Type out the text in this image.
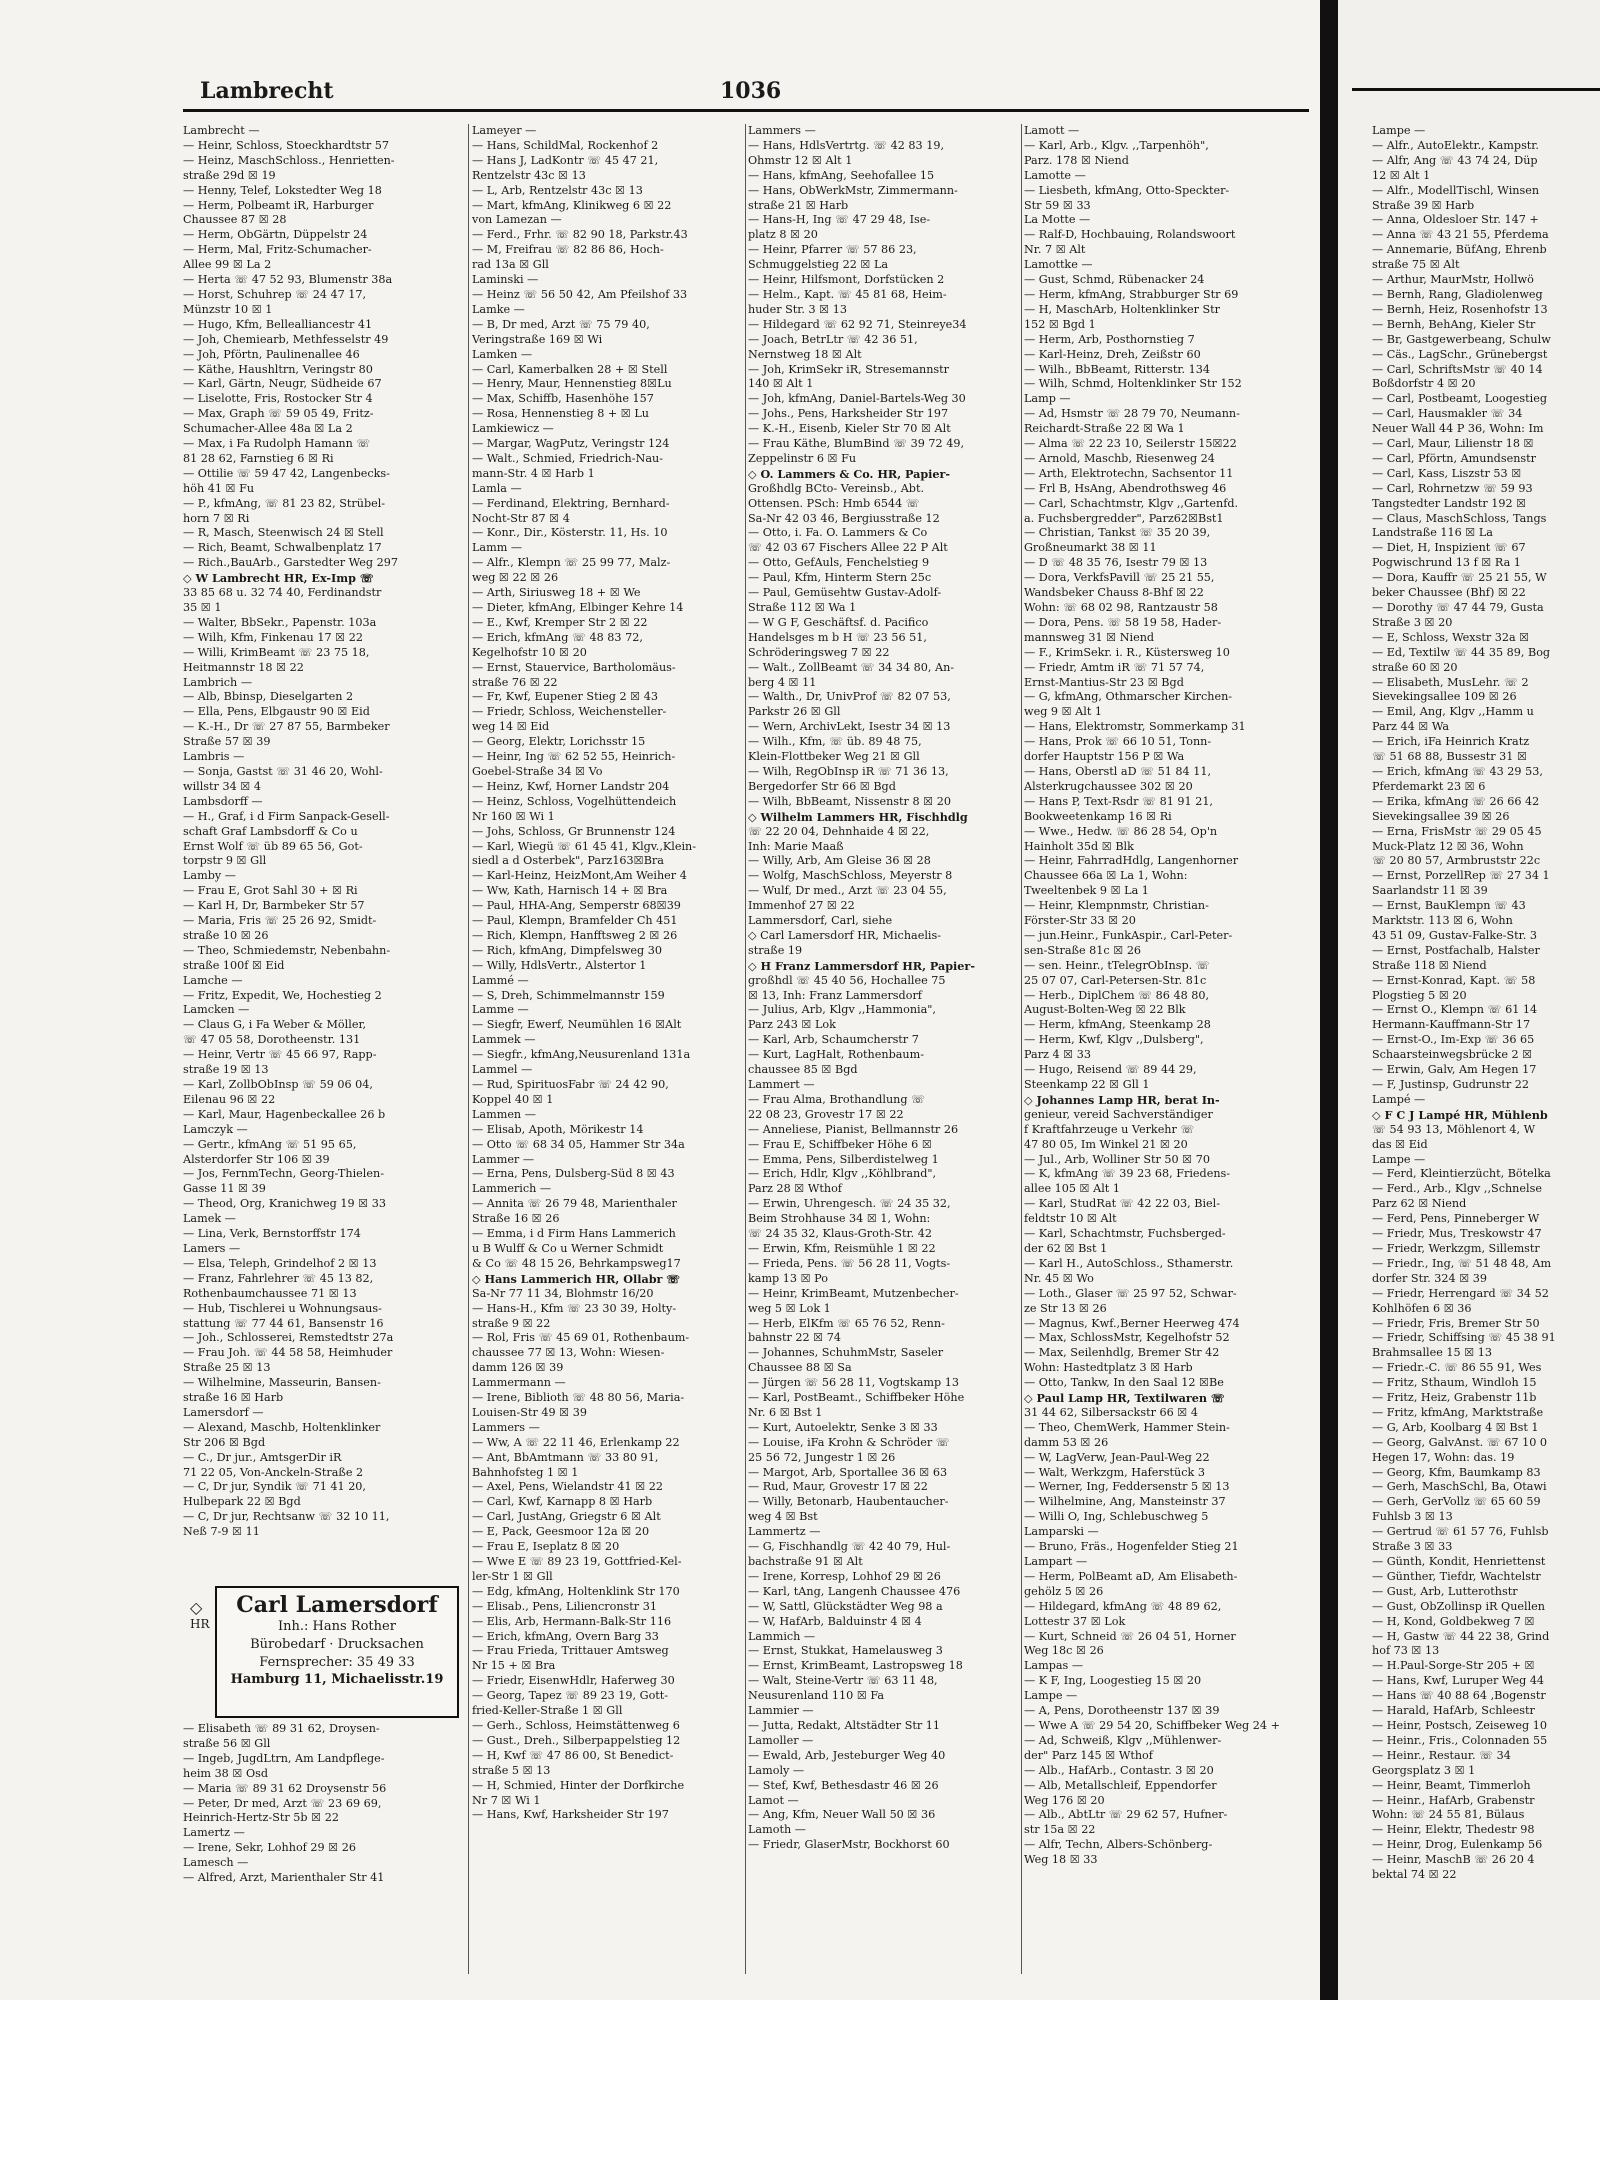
Lambrecht	1036
Lambrecht —
— Heinr, Schloss, Stoeckhardtstr 57
— Heinz, MaschSchloss., Henrietten-
straße 29d ☒ 19
— Henny, Telef, Lokstedter Weg 18
— Herm, Polbeamt iR, Harburger
Chaussee 87 ☒ 28
— Herm, ObGärtn, Düppelstr 24
— Herm, Mal, Fritz-Schumacher-
Allee 99 ☒ La 2
— Herta ☏ 47 52 93, Blumenstr 38a
— Horst, Schuhrep ☏ 24 47 17,
Münzstr 10 ☒ 1
— Hugo, Kfm, Bellealliancestr 41
— Joh, Chemiearb, Methfesselstr 49
— Joh, Pförtn, Paulinenallee 46
— Käthe, Haushltrn, Veringstr 80
— Karl, Gärtn, Neugr, Südheide 67
— Liselotte, Fris, Rostocker Str 4
— Max, Graph ☏ 59 05 49, Fritz-
Schumacher-Allee 48a ☒ La 2
— Max, i Fa Rudolph Hamann ☏
81 28 62, Farnstieg 6 ☒ Ri
— Ottilie ☏ 59 47 42, Langenbecks-
höh 41 ☒ Fu
— P., kfmAng, ☏ 81 23 82, Strübel-
horn 7 ☒ Ri
— R, Masch, Steenwisch 24 ☒ Stell
— Rich, Beamt, Schwalbenplatz 17
— Rich.,BauArb., Garstedter Weg 297
◇ W Lambrecht HR, Ex-Imp ☏
33 85 68 u. 32 74 40, Ferdinandstr
35 ☒ 1
— Walter, BbSekr., Papenstr. 103a
— Wilh, Kfm, Finkenau 17 ☒ 22
— Willi, KrimBeamt ☏ 23 75 18,
Heitmannstr 18 ☒ 22
Lambrich —
— Alb, Bbinsp, Dieselgarten 2
— Ella, Pens, Elbgaustr 90 ☒ Eid
— K.-H., Dr ☏ 27 87 55, Barmbeker
Straße 57 ☒ 39
Lambris —
— Sonja, Gastst ☏ 31 46 20, Wohl-
willstr 34 ☒ 4
Lambsdorff —
— H., Graf, i d Firm Sanpack-Gesell-
schaft Graf Lambsdorff & Co u
Ernst Wolf ☏ üb 89 65 56, Got-
torpstr 9 ☒ Gll
Lamby —
— Frau E, Grot Sahl 30 + ☒ Ri
— Karl H, Dr, Barmbeker Str 57
— Maria, Fris ☏ 25 26 92, Smidt-
straße 10 ☒ 26
— Theo, Schmiedemstr, Nebenbahn-
straße 100f ☒ Eid
Lamche —
— Fritz, Expedit, We, Hochestieg 2
Lamcken —
— Claus G, i Fa Weber & Möller,
☏ 47 05 58, Dorotheenstr. 131
— Heinr, Vertr ☏ 45 66 97, Rapp-
straße 19 ☒ 13
— Karl, ZollbObInsp ☏ 59 06 04,
Eilenau 96 ☒ 22
— Karl, Maur, Hagenbeckallee 26 b
Lamczyk —
— Gertr., kfmAng ☏ 51 95 65,
Alsterdorfer Str 106 ☒ 39
— Jos, FernmTechn, Georg-Thielen-
Gasse 11 ☒ 39
— Theod, Org, Kranichweg 19 ☒ 33
Lamek —
— Lina, Verk, Bernstorffstr 174
Lamers —
— Elsa, Teleph, Grindelhof 2 ☒ 13
— Franz, Fahrlehrer ☏ 45 13 82,
Rothenbaumchaussee 71 ☒ 13
— Hub, Tischlerei u Wohnungsaus-
stattung ☏ 77 44 61, Bansenstr 16
— Joh., Schlosserei, Remstedtstr 27a
— Frau Joh. ☏ 44 58 58, Heimhuder
Straße 25 ☒ 13
— Wilhelmine, Masseurin, Bansen-
straße 16 ☒ Harb
Lamersdorf —
— Alexand, Maschb, Holtenklinker
Str 206 ☒ Bgd
— C., Dr jur., AmtsgerDir iR
71 22 05, Von-Anckeln-Straße 2
— C, Dr jur, Syndik ☏ 71 41 20,
Hulbepark 22 ☒ Bgd
— C, Dr jur, Rechtsanw ☏ 32 10 11,
Neß 7-9 ☒ 11
— Elisabeth ☏ 89 31 62, Droysen-
straße 56 ☒ Gll
— Ingeb, JugdLtrn, Am Landpflege-
heim 38 ☒ Osd
— Maria ☏ 89 31 62 Droysenstr 56
— Peter, Dr med, Arzt ☏ 23 69 69,
Heinrich-Hertz-Str 5b ☒ 22
Lamertz —
— Irene, Sekr, Lohhof 29 ☒ 26
Lamesch —
— Alfred, Arzt, Marienthaler Str 41
Lameyer —
— Hans, SchildMal, Rockenhof 2
— Hans J, LadKontr ☏ 45 47 21,
Rentzelstr 43c ☒ 13
— L, Arb, Rentzelstr 43c ☒ 13
— Mart, kfmAng, Klinikweg 6 ☒ 22
von Lamezan —
— Ferd., Frhr. ☏ 82 90 18, Parkstr.43
— M, Freifrau ☏ 82 86 86, Hoch-
rad 13a ☒ Gll
Laminski —
— Heinz ☏ 56 50 42, Am Pfeilshof 33
Lamke —
— B, Dr med, Arzt ☏ 75 79 40,
Veringstraße 169 ☒ Wi
Lamken —
— Carl, Kamerbalken 28 + ☒ Stell
— Henry, Maur, Hennenstieg 8☒Lu
— Max, Schiffb, Hasenhöhe 157
— Rosa, Hennenstieg 8 + ☒ Lu
Lamkiewicz —
— Margar, WagPutz, Veringstr 124
— Walt., Schmied, Friedrich-Nau-
mann-Str. 4 ☒ Harb 1
Lamla —
— Ferdinand, Elektring, Bernhard-
Nocht-Str 87 ☒ 4
— Konr., Dir., Kösterstr. 11, Hs. 10
Lamm —
— Alfr., Klempn ☏ 25 99 77, Malz-
weg ☒ 22 ☒ 26
— Arth, Siriusweg 18 + ☒ We
— Dieter, kfmAng, Elbinger Kehre 14
— E., Kwf, Kremper Str 2 ☒ 22
— Erich, kfmAng ☏ 48 83 72,
Kegelhofstr 10 ☒ 20
— Ernst, Stauervice, Bartholomäus-
straße 76 ☒ 22
— Fr, Kwf, Eupener Stieg 2 ☒ 43
— Friedr, Schloss, Weichensteller-
weg 14 ☒ Eid
— Georg, Elektr, Lorichsstr 15
— Heinr, Ing ☏ 62 52 55, Heinrich-
Goebel-Straße 34 ☒ Vo
— Heinz, Kwf, Horner Landstr 204
— Heinz, Schloss, Vogelhüttendeich
Nr 160 ☒ Wi 1
— Johs, Schloss, Gr Brunnenstr 124
— Karl, Wiegü ☏ 61 45 41, Klgv.,Klein-
siedl a d Osterbek", Parz163☒Bra
— Karl-Heinz, HeizMont,Am Weiher 4
— Ww, Kath, Harnisch 14 + ☒ Bra
— Paul, HHA-Ang, Semperstr 68☒39
— Paul, Klempn, Bramfelder Ch 451
— Rich, Klempn, Hanfftsweg 2 ☒ 26
— Rich, kfmAng, Dimpfelsweg 30
— Willy, HdlsVertr., Alstertor 1
Lammé —
— S, Dreh, Schimmelmannstr 159
Lamme —
— Siegfr, Ewerf, Neumühlen 16 ☒Alt
Lammek —
— Siegfr., kfmAng,Neusurenland 131a
Lammel —
— Rud, SpirituosFabr ☏ 24 42 90,
Koppel 40 ☒ 1
Lammen —
— Elisab, Apoth, Mörikestr 14
— Otto ☏ 68 34 05, Hammer Str 34a
Lammer —
— Erna, Pens, Dulsberg-Süd 8 ☒ 43
Lammerich —
— Annita ☏ 26 79 48, Marienthaler
Straße 16 ☒ 26
— Emma, i d Firm Hans Lammerich
u B Wulff & Co u Werner Schmidt
& Co ☏ 48 15 26, Behrkampsweg17
◇ Hans Lammerich HR, Ollabr ☏
Sa-Nr 77 11 34, Blohmstr 16/20
— Hans-H., Kfm ☏ 23 30 39, Holty-
straße 9 ☒ 22
— Rol, Fris ☏ 45 69 01, Rothenbaum-
chaussee 77 ☒ 13, Wohn: Wiesen-
damm 126 ☒ 39
Lammermann —
— Irene, Biblioth ☏ 48 80 56, Maria-
Louisen-Str 49 ☒ 39
Lammers —
— Ww, A ☏ 22 11 46, Erlenkamp 22
— Ant, BbAmtmann ☏ 33 80 91,
Bahnhofsteg 1 ☒ 1
— Axel, Pens, Wielandstr 41 ☒ 22
— Carl, Kwf, Karnapp 8 ☒ Harb
— Carl, JustAng, Griegstr 6 ☒ Alt
— E, Pack, Geesmoor 12a ☒ 20
— Frau E, Iseplatz 8 ☒ 20
— Wwe E ☏ 89 23 19, Gottfried-Kel-
ler-Str 1 ☒ Gll
— Edg, kfmAng, Holtenklink Str 170
— Elisab., Pens, Liliencronstr 31
— Elis, Arb, Hermann-Balk-Str 116
— Erich, kfmAng, Overn Barg 33
— Frau Frieda, Trittauer Amtsweg
Nr 15 + ☒ Bra
— Friedr, EisenwHdlr, Haferweg 30
— Georg, Tapez ☏ 89 23 19, Gott-
fried-Keller-Straße 1 ☒ Gll
— Gerh., Schloss, Heimstättenweg 6
— Gust., Dreh., Silberpappelstieg 12
— H, Kwf ☏ 47 86 00, St Benedict-
straße 5 ☒ 13
— H, Schmied, Hinter der Dorfkirche
Nr 7 ☒ Wi 1
— Hans, Kwf, Harksheider Str 197
Lammers —
— Hans, HdlsVertrtg. ☏ 42 83 19,
Ohmstr 12 ☒ Alt 1
— Hans, kfmAng, Seehofallee 15
— Hans, ObWerkMstr, Zimmermann-
straße 21 ☒ Harb
— Hans-H, Ing ☏ 47 29 48, Ise-
platz 8 ☒ 20
— Heinr, Pfarrer ☏ 57 86 23,
Schmuggelstieg 22 ☒ La
— Heinr, Hilfsmont, Dorfstücken 2
— Helm., Kapt. ☏ 45 81 68, Heim-
huder Str. 3 ☒ 13
— Hildegard ☏ 62 92 71, Steinreye34
— Joach, BetrLtr ☏ 42 36 51,
Nernstweg 18 ☒ Alt
— Joh, KrimSekr iR, Stresemannstr
140 ☒ Alt 1
— Joh, kfmAng, Daniel-Bartels-Weg 30
— Johs., Pens, Harksheider Str 197
— K.-H., Eisenb, Kieler Str 70 ☒ Alt
— Frau Käthe, BlumBind ☏ 39 72 49,
Zeppelinstr 6 ☒ Fu
◇ O. Lammers & Co. HR, Papier-
Großhdlg BCto- Vereinsb., Abt.
Ottensen. PSch: Hmb 6544 ☏
Sa-Nr 42 03 46, Bergiusstraße 12
— Otto, i. Fa. O. Lammers & Co
☏ 42 03 67 Fischers Allee 22 P Alt
— Otto, GefAuls, Fenchelstieg 9
— Paul, Kfm, Hinterm Stern 25c
— Paul, Gemüsehtw Gustav-Adolf-
Straße 112 ☒ Wa 1
— W G F, Geschäftsf. d. Pacifico
Handelsges m b H ☏ 23 56 51,
Schröderingsweg 7 ☒ 22
— Walt., ZollBeamt ☏ 34 34 80, An-
berg 4 ☒ 11
— Walth., Dr, UnivProf ☏ 82 07 53,
Parkstr 26 ☒ Gll
— Wern, ArchivLekt, Isestr 34 ☒ 13
— Wilh., Kfm, ☏ üb. 89 48 75,
Klein-Flottbeker Weg 21 ☒ Gll
— Wilh, RegObInsp iR ☏ 71 36 13,
Bergedorfer Str 66 ☒ Bgd
— Wilh, BbBeamt, Nissenstr 8 ☒ 20
◇ Wilhelm Lammers HR, Fischhdlg
☏ 22 20 04, Dehnhaide 4 ☒ 22,
Inh: Marie Maaß
— Willy, Arb, Am Gleise 36 ☒ 28
— Wolfg, MaschSchloss, Meyerstr 8
— Wulf, Dr med., Arzt ☏ 23 04 55,
Immenhof 27 ☒ 22
Lammersdorf, Carl, siehe
◇ Carl Lamersdorf HR, Michaelis-
straße 19
◇ H Franz Lammersdorf HR, Papier-
großhdl ☏ 45 40 56, Hochallee 75
☒ 13, Inh: Franz Lammersdorf
— Julius, Arb, Klgv ,,Hammonia",
Parz 243 ☒ Lok
— Karl, Arb, Schaumcherstr 7
— Kurt, LagHalt, Rothenbaum-
chaussee 85 ☒ Bgd
Lammert —
— Frau Alma, Brothandlung ☏
22 08 23, Grovestr 17 ☒ 22
— Anneliese, Pianist, Bellmannstr 26
— Frau E, Schiffbeker Höhe 6 ☒
— Emma, Pens, Silberdistelweg 1
— Erich, Hdlr, Klgv ,,Köhlbrand",
Parz 28 ☒ Wthof
— Erwin, Uhrengesch. ☏ 24 35 32,
Beim Strohhause 34 ☒ 1, Wohn:
☏ 24 35 32, Klaus-Groth-Str. 42
— Erwin, Kfm, Reismühle 1 ☒ 22
— Frieda, Pens. ☏ 56 28 11, Vogts-
kamp 13 ☒ Po
— Heinr, KrimBeamt, Mutzenbecher-
weg 5 ☒ Lok 1
— Herb, ElKfm ☏ 65 76 52, Renn-
bahnstr 22 ☒ 74
— Johannes, SchuhmMstr, Saseler
Chaussee 88 ☒ Sa
— Jürgen ☏ 56 28 11, Vogtskamp 13
— Karl, PostBeamt., Schiffbeker Höhe
Nr. 6 ☒ Bst 1
— Kurt, Autoelektr, Senke 3 ☒ 33
— Louise, iFa Krohn & Schröder ☏
25 56 72, Jungestr 1 ☒ 26
— Margot, Arb, Sportallee 36 ☒ 63
— Rud, Maur, Grovestr 17 ☒ 22
— Willy, Betonarb, Haubentaucher-
weg 4 ☒ Bst
Lammertz —
— G, Fischhandlg ☏ 42 40 79, Hul-
bachstraße 91 ☒ Alt
— Irene, Korresp, Lohhof 29 ☒ 26
— Karl, tAng, Langenh Chaussee 476
— W, Sattl, Glückstädter Weg 98 a
— W, HafArb, Balduinstr 4 ☒ 4
Lammich —
— Ernst, Stukkat, Hamelausweg 3
— Ernst, KrimBeamt, Lastropsweg 18
— Walt, Steine-Vertr ☏ 63 11 48,
Neusurenland 110 ☒ Fa
Lammier —
— Jutta, Redakt, Altstädter Str 11
Lamoller —
— Ewald, Arb, Jesteburger Weg 40
Lamoly —
— Stef, Kwf, Bethesdastr 46 ☒ 26
Lamot —
— Ang, Kfm, Neuer Wall 50 ☒ 36
Lamoth —
— Friedr, GlaserMstr, Bockhorst 60
Lamott —
— Karl, Arb., Klgv. ,,Tarpenhöh",
Parz. 178 ☒ Niend
Lamotte —
— Liesbeth, kfmAng, Otto-Speckter-
Str 59 ☒ 33
La Motte —
— Ralf-D, Hochbauing, Rolandswoort
Nr. 7 ☒ Alt
Lamottke —
— Gust, Schmd, Rübenacker 24
— Herm, kfmAng, Strabburger Str 69
— H, MaschArb, Holtenklinker Str
152 ☒ Bgd 1
— Herm, Arb, Posthornstieg 7
— Karl-Heinz, Dreh, Zeißstr 60
— Wilh., BbBeamt, Ritterstr. 134
— Wilh, Schmd, Holtenklinker Str 152
Lamp —
— Ad, Hsmstr ☏ 28 79 70, Neumann-
Reichardt-Straße 22 ☒ Wa 1
— Alma ☏ 22 23 10, Seilerstr 15☒22
— Arnold, Maschb, Riesenweg 24
— Arth, Elektrotechn, Sachsentor 11
— Frl B, HsAng, Abendrothsweg 46
— Carl, Schachtmstr, Klgv ,,Gartenfd.
a. Fuchsbergredder", Parz62☒Bst1
— Christian, Tankst ☏ 35 20 39,
Großneumarkt 38 ☒ 11
— D ☏ 48 35 76, Isestr 79 ☒ 13
— Dora, VerkfsPavill ☏ 25 21 55,
Wandsbeker Chauss 8-Bhf ☒ 22
Wohn: ☏ 68 02 98, Rantzaustr 58
— Dora, Pens. ☏ 58 19 58, Hader-
mannsweg 31 ☒ Niend
— F., KrimSekr. i. R., Küstersweg 10
— Friedr, Amtm iR ☏ 71 57 74,
Ernst-Mantius-Str 23 ☒ Bgd
— G, kfmAng, Othmarscher Kirchen-
weg 9 ☒ Alt 1
— Hans, Elektromstr, Sommerkamp 31
— Hans, Prok ☏ 66 10 51, Tonn-
dorfer Hauptstr 156 P ☒ Wa
— Hans, Oberstl aD ☏ 51 84 11,
Alsterkrugchaussee 302 ☒ 20
— Hans P, Text-Rsdr ☏ 81 91 21,
Bookweetenkamp 16 ☒ Ri
— Wwe., Hedw. ☏ 86 28 54, Op'n
Hainholt 35d ☒ Blk
— Heinr, FahrradHdlg, Langenhorner
Chaussee 66a ☒ La 1, Wohn:
Tweeltenbek 9 ☒ La 1
— Heinr, Klempnmstr, Christian-
Förster-Str 33 ☒ 20
— jun.Heinr., FunkAspir., Carl-Peter-
sen-Straße 81c ☒ 26
— sen. Heinr., tTelegrObInsp. ☏
25 07 07, Carl-Petersen-Str. 81c
— Herb., DiplChem ☏ 86 48 80,
August-Bolten-Weg ☒ 22 Blk
— Herm, kfmAng, Steenkamp 28
— Herm, Kwf, Klgv ,,Dulsberg",
Parz 4 ☒ 33
— Hugo, Reisend ☏ 89 44 29,
Steenkamp 22 ☒ Gll 1
◇ Johannes Lamp HR, berat In-
genieur, vereid Sachverständiger
f Kraftfahrzeuge u Verkehr ☏
47 80 05, Im Winkel 21 ☒ 20
— Jul., Arb, Wolliner Str 50 ☒ 70
— K, kfmAng ☏ 39 23 68, Friedens-
allee 105 ☒ Alt 1
— Karl, StudRat ☏ 42 22 03, Biel-
feldtstr 10 ☒ Alt
— Karl, Schachtmstr, Fuchsberged-
der 62 ☒ Bst 1
— Karl H., AutoSchloss., Sthamerstr.
Nr. 45 ☒ Wo
— Loth., Glaser ☏ 25 97 52, Schwar-
ze Str 13 ☒ 26
— Magnus, Kwf.,Berner Heerweg 474
— Max, SchlossMstr, Kegelhofstr 52
— Max, Seilenhdlg, Bremer Str 42
Wohn: Hastedtplatz 3 ☒ Harb
— Otto, Tankw, In den Saal 12 ☒Be
◇ Paul Lamp HR, Textilwaren ☏
31 44 62, Silbersackstr 66 ☒ 4
— Theo, ChemWerk, Hammer Stein-
damm 53 ☒ 26
— W, LagVerw, Jean-Paul-Weg 22
— Walt, Werkzgm, Haferstück 3
— Werner, Ing, Feddersenstr 5 ☒ 13
— Wilhelmine, Ang, Mansteinstr 37
— Willi O, Ing, Schlebuschweg 5
Lamparski —
— Bruno, Fräs., Hogenfelder Stieg 21
Lampart —
— Herm, PolBeamt aD, Am Elisabeth-
gehölz 5 ☒ 26
— Hildegard, kfmAng ☏ 48 89 62,
Lottestr 37 ☒ Lok
— Kurt, Schneid ☏ 26 04 51, Horner
Weg 18c ☒ 26
Lampas —
— K F, Ing, Loogestieg 15 ☒ 20
Lampe —
— A, Pens, Dorotheenstr 137 ☒ 39
— Wwe A ☏ 29 54 20, Schiffbeker Weg 24 +
— Ad, Schweiß, Klgv ,,Mühlenwer-
der" Parz 145 ☒ Wthof
— Alb., HafArb., Contastr. 3 ☒ 20
— Alb, Metallschleif, Eppendorfer
Weg 176 ☒ 20
— Alb., AbtLtr ☏ 29 62 57, Hufner-
str 15a ☒ 22
— Alfr, Techn, Albers-Schönberg-
Weg 18 ☒ 33
◇
HR
Carl Lamersdorf
Inh.: Hans Rother
Bürobedarf · Drucksachen
Fernsprecher: 35 49 33
Hamburg 11, Michaelisstr.19
Lampe —
— Alfr., AutoElektr., Kampstr.
— Alfr, Ang ☏ 43 74 24, Düp
12 ☒ Alt 1
— Alfr., ModellTischl, Winsen
Straße 39 ☒ Harb
— Anna, Oldesloer Str. 147 +
— Anna ☏ 43 21 55, Pferdema
— Annemarie, BüfAng, Ehrenb
straße 75 ☒ Alt
— Arthur, MaurMstr, Hollwö
— Bernh, Rang, Gladiolenweg
— Bernh, Heiz, Rosenhofstr 13
— Bernh, BehAng, Kieler Str
— Br, Gastgewerbeang, Schulw
— Cäs., LagSchr., Grünebergst
— Carl, SchriftsMstr ☏ 40 14
Boßdorfstr 4 ☒ 20
— Carl, Postbeamt, Loogestieg
— Carl, Hausmakler ☏ 34
Neuer Wall 44 P 36, Wohn: Im
— Carl, Maur, Lilienstr 18 ☒
— Carl, Pförtn, Amundsenstr
— Carl, Kass, Liszstr 53 ☒
— Carl, Rohrnetzw ☏ 59 93
Tangstedter Landstr 192 ☒
— Claus, MaschSchloss, Tangs
Landstraße 116 ☒ La
— Diet, H, Inspizient ☏ 67
Pogwischrund 13 f ☒ Ra 1
— Dora, Kauffr ☏ 25 21 55, W
beker Chaussee (Bhf) ☒ 22
— Dorothy ☏ 47 44 79, Gusta
Straße 3 ☒ 20
— E, Schloss, Wexstr 32a ☒
— Ed, Textilw ☏ 44 35 89, Bog
straße 60 ☒ 20
— Elisabeth, MusLehr. ☏ 2
Sievekingsallee 109 ☒ 26
— Emil, Ang, Klgv ,,Hamm u
Parz 44 ☒ Wa
— Erich, iFa Heinrich Kratz
☏ 51 68 88, Bussestr 31 ☒
— Erich, kfmAng ☏ 43 29 53,
Pferdemarkt 23 ☒ 6
— Erika, kfmAng ☏ 26 66 42
Sievekingsallee 39 ☒ 26
— Erna, FrisMstr ☏ 29 05 45
Muck-Platz 12 ☒ 36, Wohn
☏ 20 80 57, Armbruststr 22c
— Ernst, PorzellRep ☏ 27 34 1
Saarlandstr 11 ☒ 39
— Ernst, BauKlempn ☏ 43
Marktstr. 113 ☒ 6, Wohn
43 51 09, Gustav-Falke-Str. 3
— Ernst, Postfachalb, Halster
Straße 118 ☒ Niend
— Ernst-Konrad, Kapt. ☏ 58
Plogstieg 5 ☒ 20
— Ernst O., Klempn ☏ 61 14
Hermann-Kauffmann-Str 17
— Ernst-O., Im-Exp ☏ 36 65
Schaarsteinwegsbrücke 2 ☒
— Erwin, Galv, Am Hegen 17
— F, Justinsp, Gudrunstr 22
Lampé —
◇ F C J Lampé HR, Mühlenb
☏ 54 93 13, Möhlenort 4, W
das ☒ Eid
Lampe —
— Ferd, Kleintierzücht, Bötelka
— Ferd., Arb., Klgv ,,Schnelse
Parz 62 ☒ Niend
— Ferd, Pens, Pinneberger W
— Friedr, Mus, Treskowstr 47
— Friedr, Werkzgm, Sillemstr
— Friedr., Ing, ☏ 51 48 48, Am
dorfer Str. 324 ☒ 39
— Friedr, Herrengard ☏ 34 52
Kohlhöfen 6 ☒ 36
— Friedr, Fris, Bremer Str 50
— Friedr, Schiffsing ☏ 45 38 91
Brahmsallee 15 ☒ 13
— Friedr.-C. ☏ 86 55 91, Wes
— Fritz, Sthaum, Windloh 15
— Fritz, Heiz, Grabenstr 11b
— Fritz, kfmAng, Marktstraße
— G, Arb, Koolbarg 4 ☒ Bst 1
— Georg, GalvAnst. ☏ 67 10 0
Hegen 17, Wohn: das. 19
— Georg, Kfm, Baumkamp 83
— Gerh, MaschSchl, Ba, Otawi
— Gerh, GerVollz ☏ 65 60 59
Fuhlsb 3 ☒ 13
— Gertrud ☏ 61 57 76, Fuhlsb
Straße 3 ☒ 33
— Günth, Kondit, Henriettenst
— Günther, Tiefdr, Wachtelstr
— Gust, Arb, Lutterothstr
— Gust, ObZollinsp iR Quellen
— H, Kond, Goldbekweg 7 ☒
— H, Gastw ☏ 44 22 38, Grind
hof 73 ☒ 13
— H.Paul-Sorge-Str 205 + ☒
— Hans, Kwf, Luruper Weg 44
— Hans ☏ 40 88 64 ,Bogenstr
— Harald, HafArb, Schleestr
— Heinr, Postsch, Zeiseweg 10
— Heinr., Fris., Colonnaden 55
— Heinr., Restaur. ☏ 34
Georgsplatz 3 ☒ 1
— Heinr, Beamt, Timmerloh
— Heinr., HafArb, Grabenstr
Wohn: ☏ 24 55 81, Bülaus
— Heinr, Elektr, Thedestr 98
— Heinr, Drog, Eulenkamp 56
— Heinr, MaschB ☏ 26 20 4
bektal 74 ☒ 22
